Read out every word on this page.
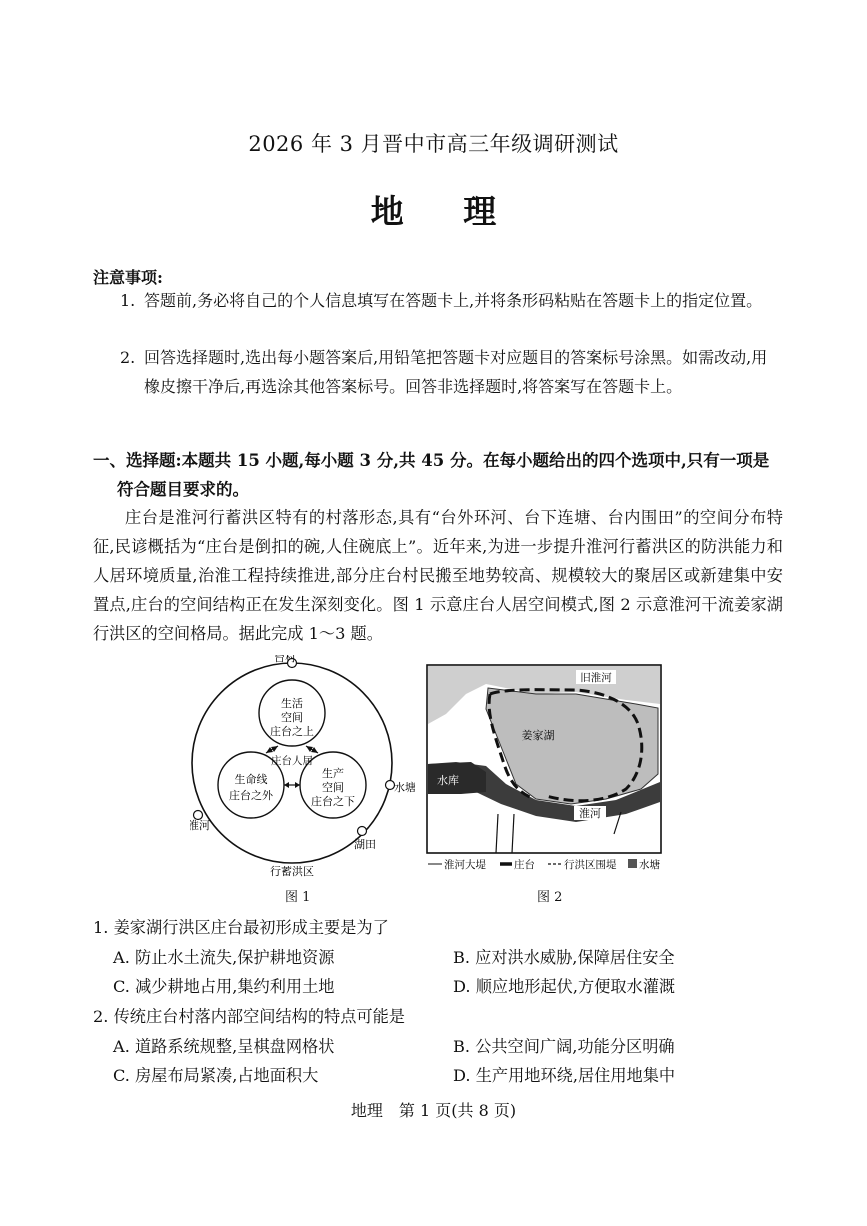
2026 年 3 月晋中市高三年级调研测试
地 理
注意事项:
1. 答题前,务必将自己的个人信息填写在答题卡上,并将条形码粘贴在答题卡上的指定位置。
2. 回答选择题时,选出每小题答案后,用铅笔把答题卡对应题目的答案标号涂黑。如需改动,用橡皮擦干净后,再选涂其他答案标号。回答非选择题时,将答案写在答题卡上。
一、选择题:本题共 15 小题,每小题 3 分,共 45 分。在每小题给出的四个选项中,只有一项是
符合题目要求的。
庄台是淮河行蓄洪区特有的村落形态,具有“台外环河、台下连塘、台内围田”的空间分布特征,民谚概括为“庄台是倒扣的碗,人住碗底上”。近年来,为进一步提升淮河行蓄洪区的防洪能力和人居环境质量,治淮工程持续推进,部分庄台村民搬至地势较高、规模较大的聚居区或新建集中安置点,庄台的空间结构正在发生深刻变化。图 1 示意庄台人居空间模式,图 2 示意淮河干流姜家湖行洪区的空间格局。据此完成 1～3 题。
台村
生活
空间
庄台之上
庄台人居
生命线
庄台之外
生产
空间
庄台之下
水塘
淮河
湖田
行蓄洪区
图 1
旧淮河
姜家湖
水库
淮河
淮河大堤	庄台	行洪区围堤 水塘
图 2
1. 姜家湖行洪区庄台最初形成主要是为了
A. 防止水土流失,保护耕地资源	B. 应对洪水威胁,保障居住安全
C. 减少耕地占用,集约利用土地	D. 顺应地形起伏,方便取水灌溉
2. 传统庄台村落内部空间结构的特点可能是
A. 道路系统规整,呈棋盘网格状	B. 公共空间广阔,功能分区明确
C. 房屋布局紧凑,占地面积大	D. 生产用地环绕,居住用地集中
地理　第 1 页(共 8 页)
